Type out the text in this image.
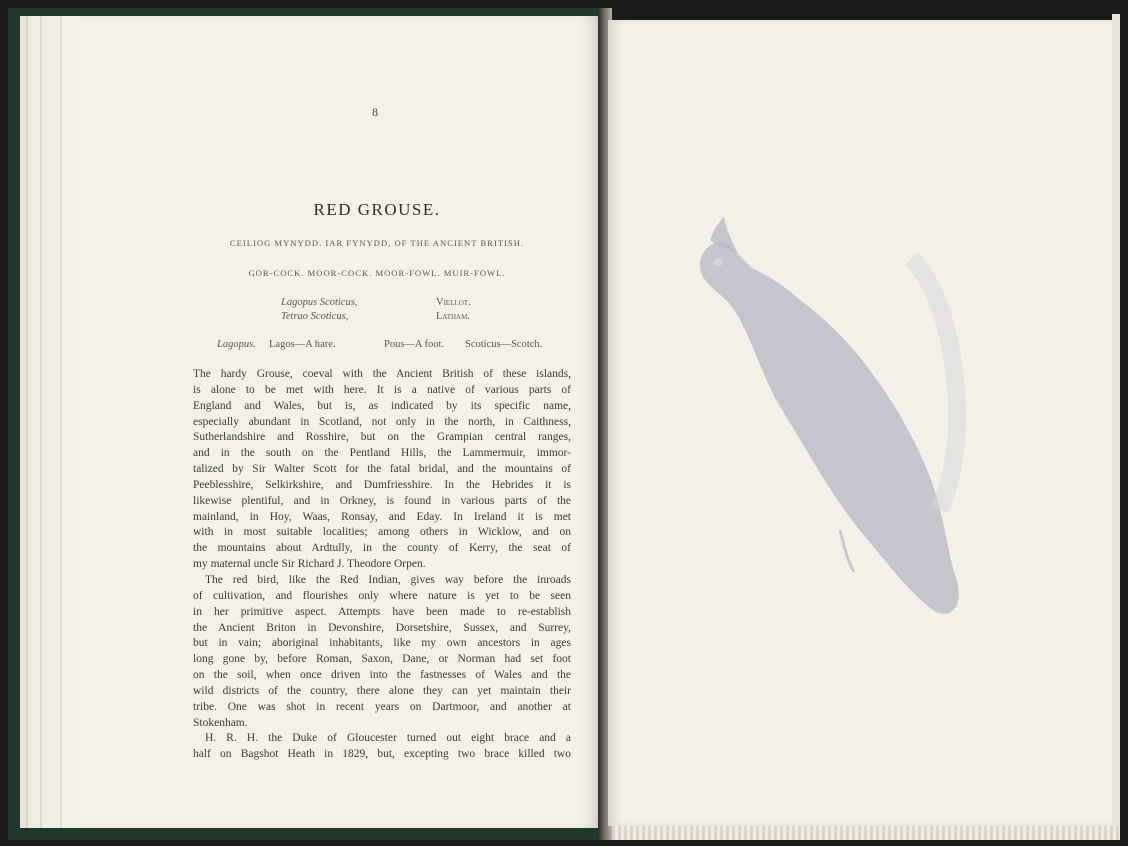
8
RED GROUSE.
CEILIOG MYNYDD. IAR FYNYDD, OF THE ANCIENT BRITISH.
GOR-COCK. MOOR-COCK. MOOR-FOWL. MUIR-FOWL.
Lagopus Scoticus,	Viellot.
Tetrao Scoticus,	Latham.
Lagopus. Lagos—A hare.	Pous—A foot. Scoticus—Scotch.
The hardy Grouse, coeval with the Ancient British of these islands,
is alone to be met with here. It is a native of various parts of
England and Wales, but is, as indicated by its specific name,
especially abundant in Scotland, not only in the north, in Caithness,
Sutherlandshire and Rosshire, but on the Grampian central ranges,
and in the south on the Pentland Hills, the Lammermuir, immor-
talized by Sir Walter Scott for the fatal bridal, and the mountains of
Peeblesshire, Selkirkshire, and Dumfriesshire. In the Hebrides it is
likewise plentiful, and in Orkney, is found in various parts of the
mainland, in Hoy, Waas, Ronsay, and Eday. In Ireland it is met
with in most suitable localities; among others in Wicklow, and on
the mountains about Ardtully, in the county of Kerry, the seat of
my maternal uncle Sir Richard J. Theodore Orpen.
The red bird, like the Red Indian, gives way before the inroads
of cultivation, and flourishes only where nature is yet to be seen
in her primitive aspect. Attempts have been made to re-establish
the Ancient Briton in Devonshire, Dorsetshire, Sussex, and Surrey,
but in vain; aboriginal inhabitants, like my own ancestors in ages
long gone by, before Roman, Saxon, Dane, or Norman had set foot
on the soil, when once driven into the fastnesses of Wales and the
wild districts of the country, there alone they can yet maintain their
tribe. One was shot in recent years on Dartmoor, and another at
Stokenham.
H. R. H. the Duke of Gloucester turned out eight brace and a
half on Bagshot Heath in 1829, but, excepting two brace killed two
